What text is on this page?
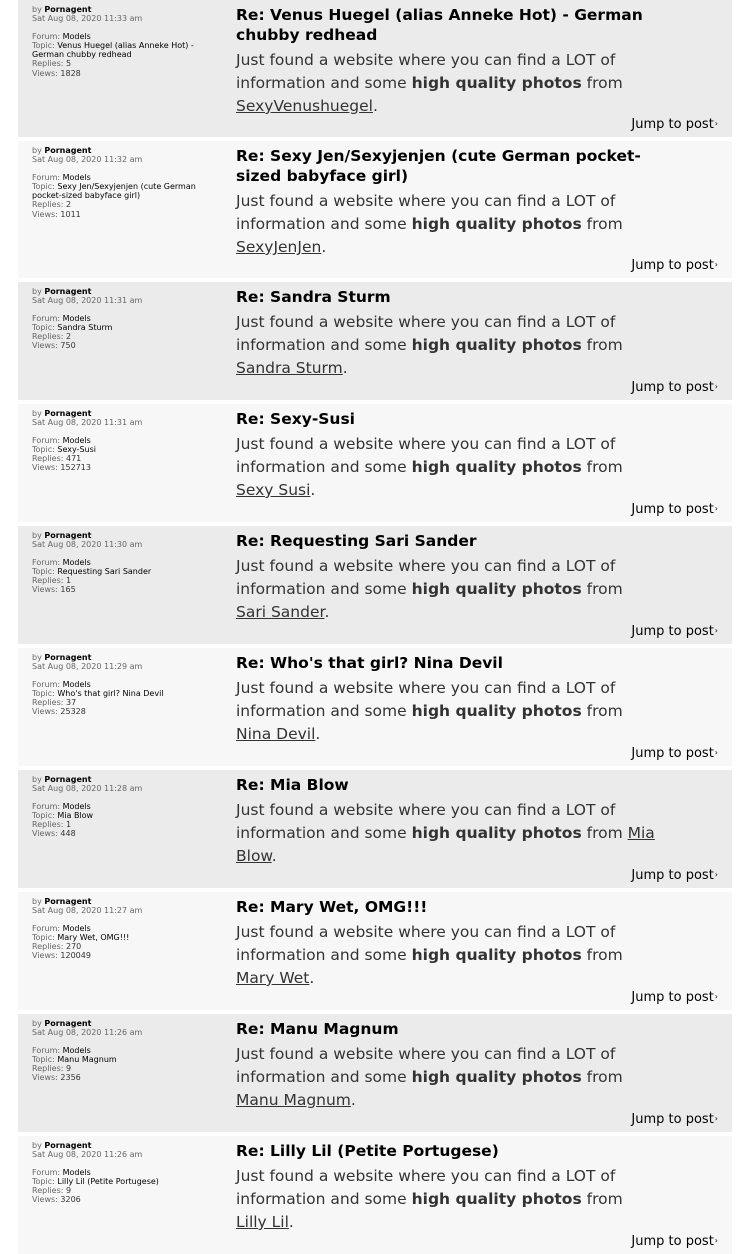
by Pornagent
Sat Aug 08, 2020 11:33 am
Forum: Models
Topic: Venus Huegel (alias Anneke Hot) - German chubby redhead
Replies: 5
Views: 1828
Re: Venus Huegel (alias Anneke Hot) - German chubby redhead

Just found a website where you can find a LOT of information and some high quality photos from SexyVenushuegel.

Jump to post›
by Pornagent
Sat Aug 08, 2020 11:32 am
Forum: Models
Topic: Sexy Jen/Sexyjenjen (cute German pocket-sized babyface girl)
Replies: 2
Views: 1011
Re: Sexy Jen/Sexyjenjen (cute German pocket-sized babyface girl)

Just found a website where you can find a LOT of information and some high quality photos from SexyJenJen.

Jump to post›
by Pornagent
Sat Aug 08, 2020 11:31 am
Forum: Models
Topic: Sandra Sturm
Replies: 2
Views: 750
Re: Sandra Sturm

Just found a website where you can find a LOT of information and some high quality photos from Sandra Sturm.

Jump to post›
by Pornagent
Sat Aug 08, 2020 11:31 am
Forum: Models
Topic: Sexy-Susi
Replies: 471
Views: 152713
Re: Sexy-Susi

Just found a website where you can find a LOT of information and some high quality photos from Sexy Susi.

Jump to post›
by Pornagent
Sat Aug 08, 2020 11:30 am
Forum: Models
Topic: Requesting Sari Sander
Replies: 1
Views: 165
Re: Requesting Sari Sander

Just found a website where you can find a LOT of information and some high quality photos from Sari Sander.

Jump to post›
by Pornagent
Sat Aug 08, 2020 11:29 am
Forum: Models
Topic: Who's that girl? Nina Devil
Replies: 37
Views: 25328
Re: Who's that girl? Nina Devil

Just found a website where you can find a LOT of information and some high quality photos from Nina Devil.

Jump to post›
by Pornagent
Sat Aug 08, 2020 11:28 am
Forum: Models
Topic: Mia Blow
Replies: 1
Views: 448
Re: Mia Blow

Just found a website where you can find a LOT of information and some high quality photos from Mia Blow.

Jump to post›
by Pornagent
Sat Aug 08, 2020 11:27 am
Forum: Models
Topic: Mary Wet, OMG!!!
Replies: 270
Views: 120049
Re: Mary Wet, OMG!!!

Just found a website where you can find a LOT of information and some high quality photos from Mary Wet.

Jump to post›
by Pornagent
Sat Aug 08, 2020 11:26 am
Forum: Models
Topic: Manu Magnum
Replies: 9
Views: 2356
Re: Manu Magnum

Just found a website where you can find a LOT of information and some high quality photos from Manu Magnum.

Jump to post›
by Pornagent
Sat Aug 08, 2020 11:26 am
Forum: Models
Topic: Lilly Lil (Petite Portugese)
Replies: 9
Views: 3206
Re: Lilly Lil (Petite Portugese)

Just found a website where you can find a LOT of information and some high quality photos from Lilly Lil.

Jump to post›
